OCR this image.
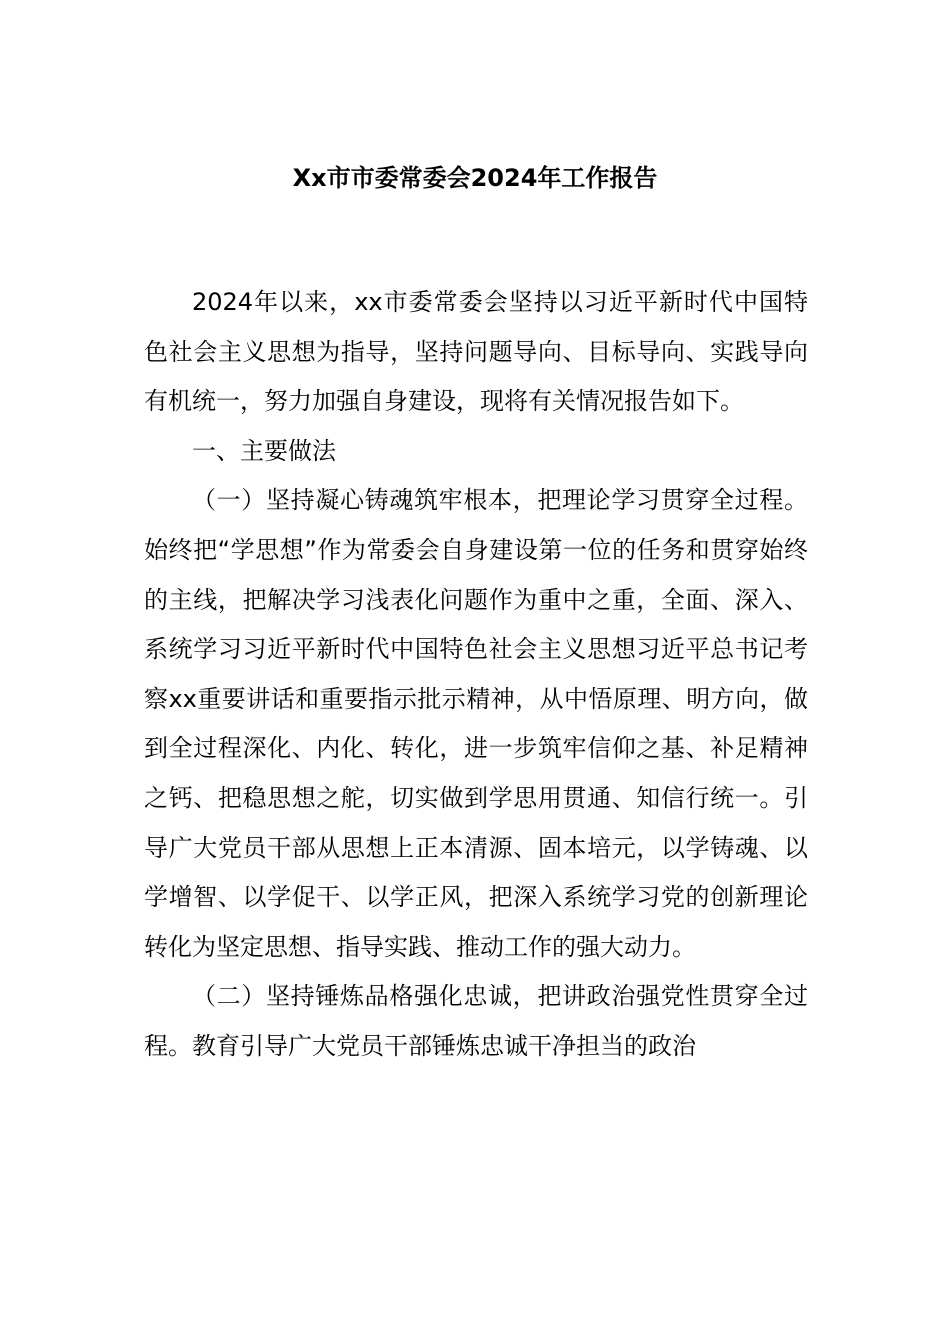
Xx市市委常委会2024年工作报告

2024年以来，xx市委常委会坚持以习近平新时代中国特色社会主义思想为指导，坚持问题导向、目标导向、实践导向有机统一，努力加强自身建设，现将有关情况报告如下。

一、主要做法

（一）坚持凝心铸魂筑牢根本，把理论学习贯穿全过程。始终把“学思想”作为常委会自身建设第一位的任务和贯穿始终的主线，把解决学习浅表化问题作为重中之重，全面、深入、系统学习习近平新时代中国特色社会主义思想习近平总书记考察xx重要讲话和重要指示批示精神，从中悟原理、明方向，做到全过程深化、内化、转化，进一步筑牢信仰之基、补足精神之钙、把稳思想之舵，切实做到学思用贯通、知信行统一。引导广大党员干部从思想上正本清源、固本培元，以学铸魂、以学增智、以学促干、以学正风，把深入系统学习党的创新理论转化为坚定思想、指导实践、推动工作的强大动力。

（二）坚持锤炼品格强化忠诚，把讲政治强党性贯穿全过程。教育引导广大党员干部锤炼忠诚干净担当的政治
